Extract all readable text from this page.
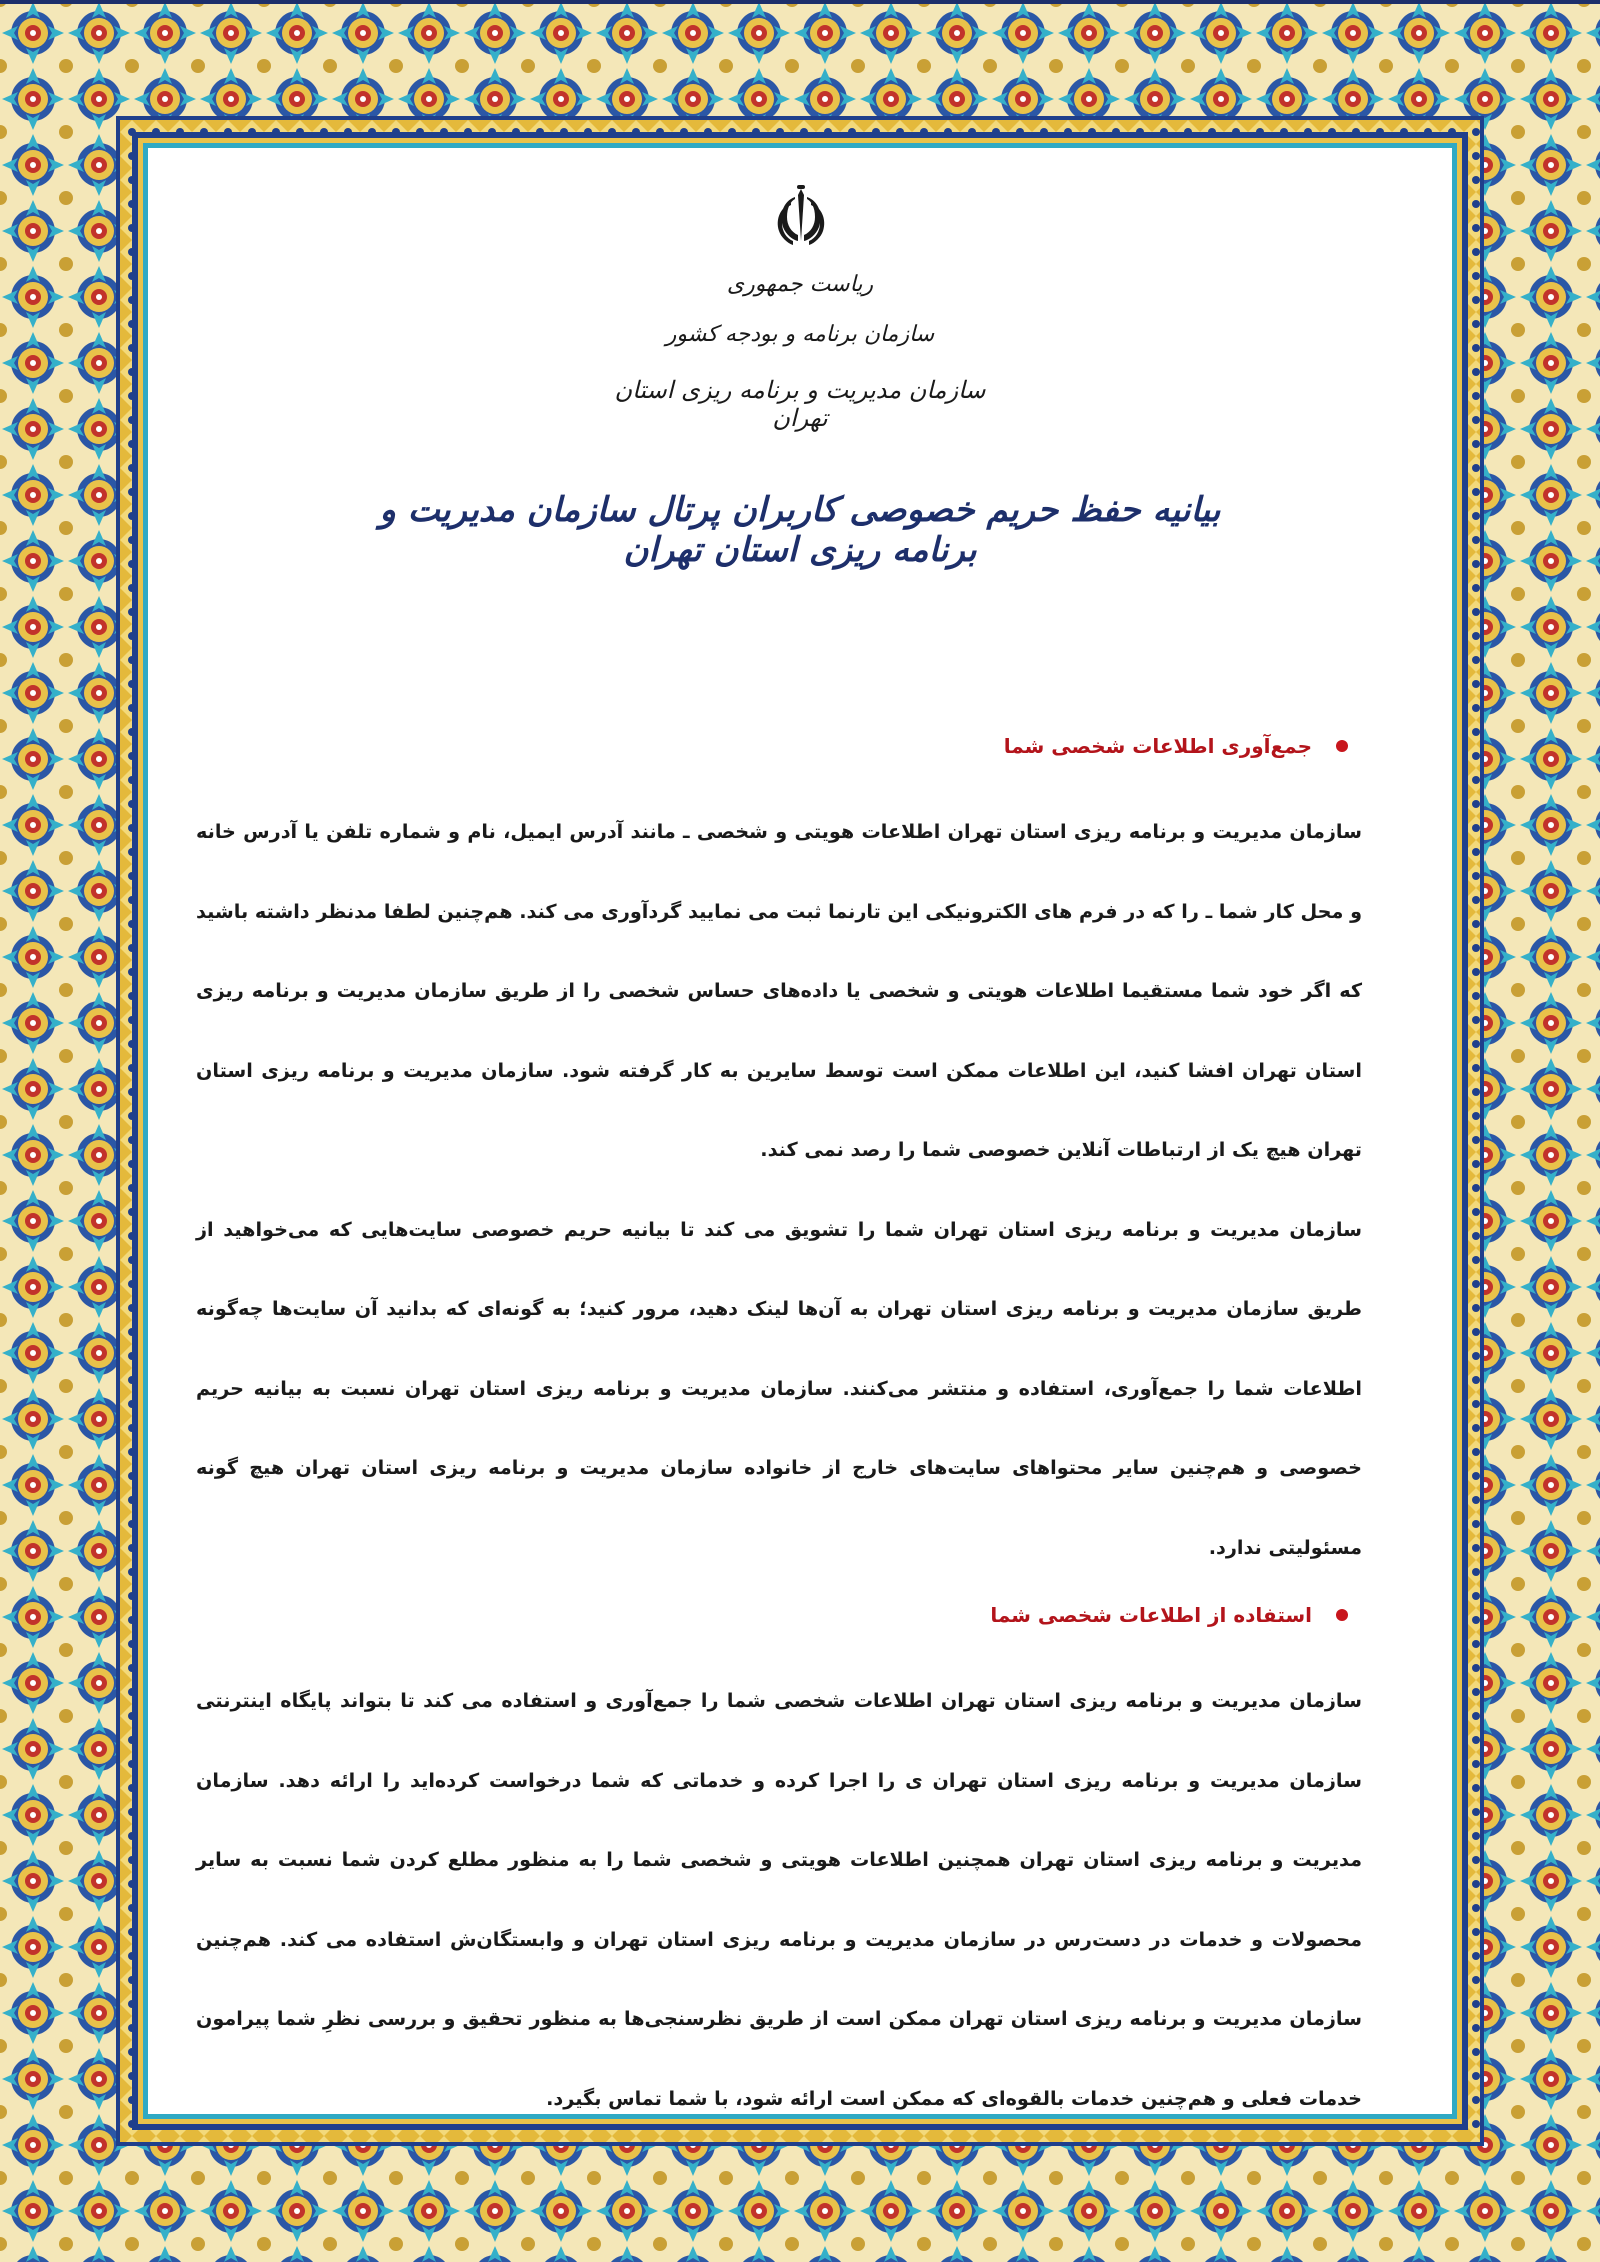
ریاست جمهوری
سازمان برنامه و بودجه کشور
سازمان مدیریت و برنامه ریزی استان تهران
بیانیه حفظ حریم خصوصی کاربران پرتال سازمان مدیریت و برنامه ریزی استان تهران
جمع‌آوری اطلاعات شخصی شما

سازمان مدیریت و برنامه ریزی استان تهران اطلاعات هویتی و شخصی ـ مانند آدرس ایمیل، نام و شماره تلفن یا آدرس خانه و محل کار شما ـ را که در فرم های الکترونیکی این تارنما ثبت می نمایید گردآوری می کند. هم‌چنین لطفا مدنظر داشته باشید که اگر خود شما مستقیما اطلاعات هویتی و شخصی یا داده‌های حساس شخصی را از طریق سازمان مدیریت و برنامه ریزی استان تهران افشا کنید، این اطلاعات ممکن است توسط سایرین به کار گرفته شود. سازمان مدیریت و برنامه ریزی استان تهران هیچ یک از ارتباطات آنلاین خصوصی شما را رصد نمی کند.

سازمان مدیریت و برنامه ریزی استان تهران شما را تشویق می کند تا بیانیه حریم خصوصی سایت‌هایی که می‌خواهید از طریق سازمان مدیریت و برنامه ریزی استان تهران به آن‌ها لینک دهید، مرور کنید؛ به گونه‌ای که بدانید آن سایت‌ها چه‌گونه اطلاعات شما را جمع‌آوری، استفاده و منتشر می‌کنند. سازمان مدیریت و برنامه ریزی استان تهران نسبت به بیانیه حریم خصوصی و هم‌چنین سایر محتواهای سایت‌های خارج از خانواده سازمان مدیریت و برنامه ریزی استان تهران هیچ گونه مسئولیتی ندارد.

استفاده از اطلاعات شخصی شما

سازمان مدیریت و برنامه ریزی استان تهران اطلاعات شخصی شما را جمع‌آوری و استفاده می کند تا بتواند پایگاه اینترنتی سازمان مدیریت و برنامه ریزی استان تهران ی را اجرا کرده و خدماتی که شما درخواست کرده‌اید را ارائه دهد. سازمان مدیریت و برنامه ریزی استان تهران همچنین اطلاعات هویتی و شخصی شما را به منظور مطلع کردن شما نسبت به سایر محصولات و خدمات در دست‌رس در سازمان مدیریت و برنامه ریزی استان تهران و وابستگان‌ش استفاده می کند. هم‌چنین سازمان مدیریت و برنامه ریزی استان تهران ممکن است از طریق نظرسنجی‌ها به منظور تحقیق و بررسی نظرِ شما پیرامون خدمات فعلی و هم‌چنین خدمات بالقوه‌ای که ممکن است ارائه شود، با شما تماس بگیرد.
